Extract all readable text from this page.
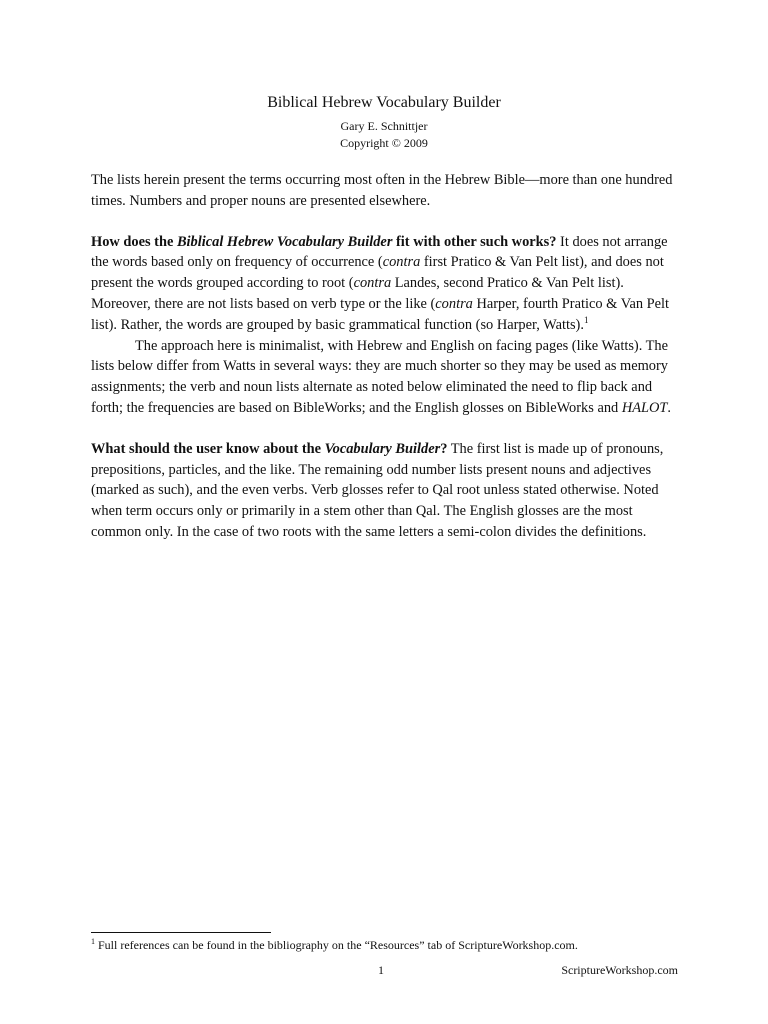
Biblical Hebrew Vocabulary Builder
Gary E. Schnittjer
Copyright © 2009

The lists herein present the terms occurring most often in the Hebrew Bible—more than one hundred times. Numbers and proper nouns are presented elsewhere.

How does the Biblical Hebrew Vocabulary Builder fit with other such works? It does not arrange the words based only on frequency of occurrence (contra first Pratico & Van Pelt list), and does not present the words grouped according to root (contra Landes, second Pratico & Van Pelt list). Moreover, there are not lists based on verb type or the like (contra Harper, fourth Pratico & Van Pelt list). Rather, the words are grouped by basic grammatical function (so Harper, Watts).$^1$

The approach here is minimalist, with Hebrew and English on facing pages (like Watts). The lists below differ from Watts in several ways: they are much shorter so they may be used as memory assignments; the verb and noun lists alternate as noted below eliminated the need to flip back and forth; the frequencies are based on BibleWorks; and the English glosses on BibleWorks and HALOT.

What should the user know about the Vocabulary Builder? The first list is made up of pronouns, prepositions, particles, and the like. The remaining odd number lists present nouns and adjectives (marked as such), and the even verbs. Verb glosses refer to Qal root unless stated otherwise. Noted when term occurs only or primarily in a stem other than Qal. The English glosses are the most common only. In the case of two roots with the same letters a semi-colon divides the definitions.

$^1$ Full references can be found in the bibliography on the “Resources” tab of ScriptureWorkshop.com.
1	ScriptureWorkshop.com
